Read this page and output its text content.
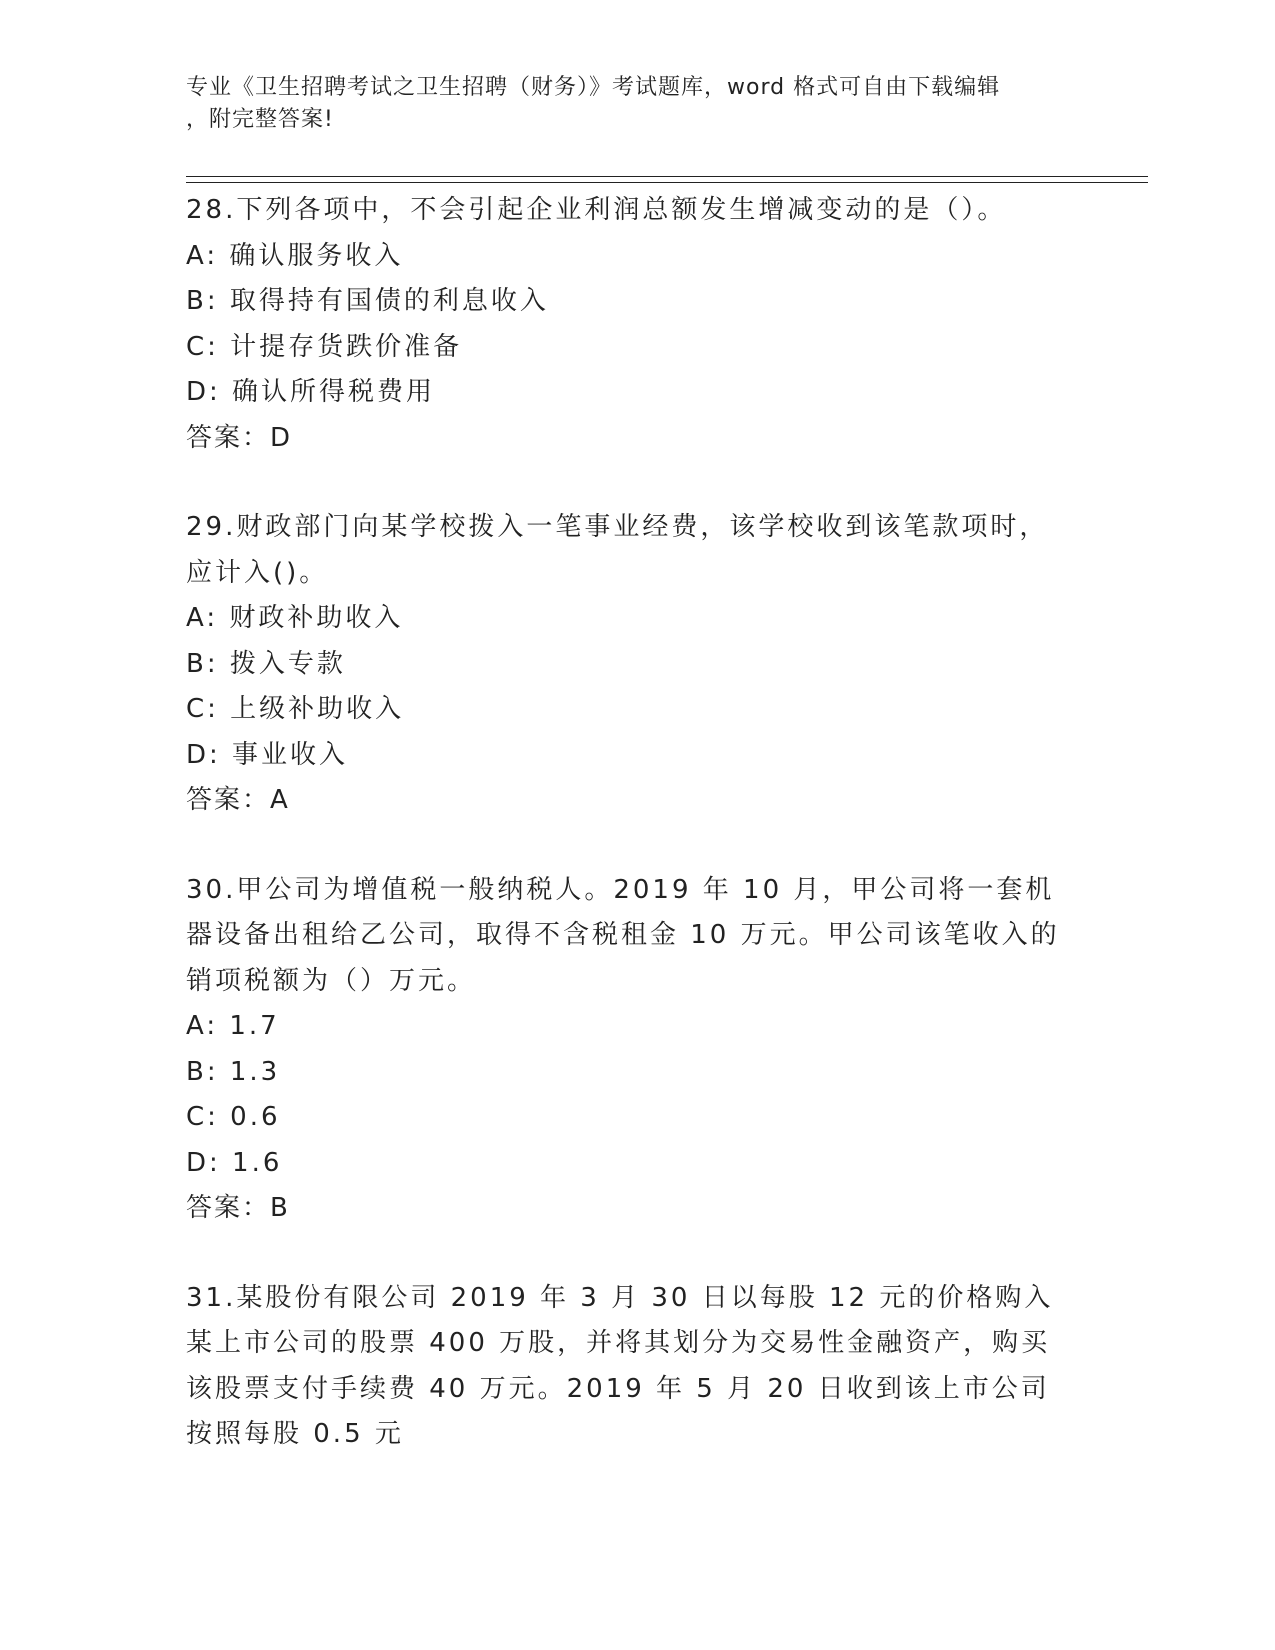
专业《卫生招聘考试之卫生招聘（财务）》考试题库，word 格式可自由下载编辑
，附完整答案!

28.下列各项中，不会引起企业利润总额发生增减变动的是（）。

A: 确认服务收入

B: 取得持有国债的利息收入

C: 计提存货跌价准备

D: 确认所得税费用

答案：D

29.财政部门向某学校拨入一笔事业经费，该学校收到该笔款项时，应计入()。

A: 财政补助收入

B: 拨入专款

C: 上级补助收入

D: 事业收入

答案：A

30.甲公司为增值税一般纳税人。2019 年 10 月，甲公司将一套机器设备出租给乙公司，取得不含税租金 10 万元。甲公司该笔收入的销项税额为（）万元。

A: 1.7

B: 1.3

C: 0.6

D: 1.6

答案：B

31.某股份有限公司 2019 年 3 月 30 日以每股 12 元的价格购入某上市公司的股票 400 万股，并将其划分为交易性金融资产，购买该股票支付手续费 40 万元。2019 年 5 月 20 日收到该上市公司按照每股 0.5 元
